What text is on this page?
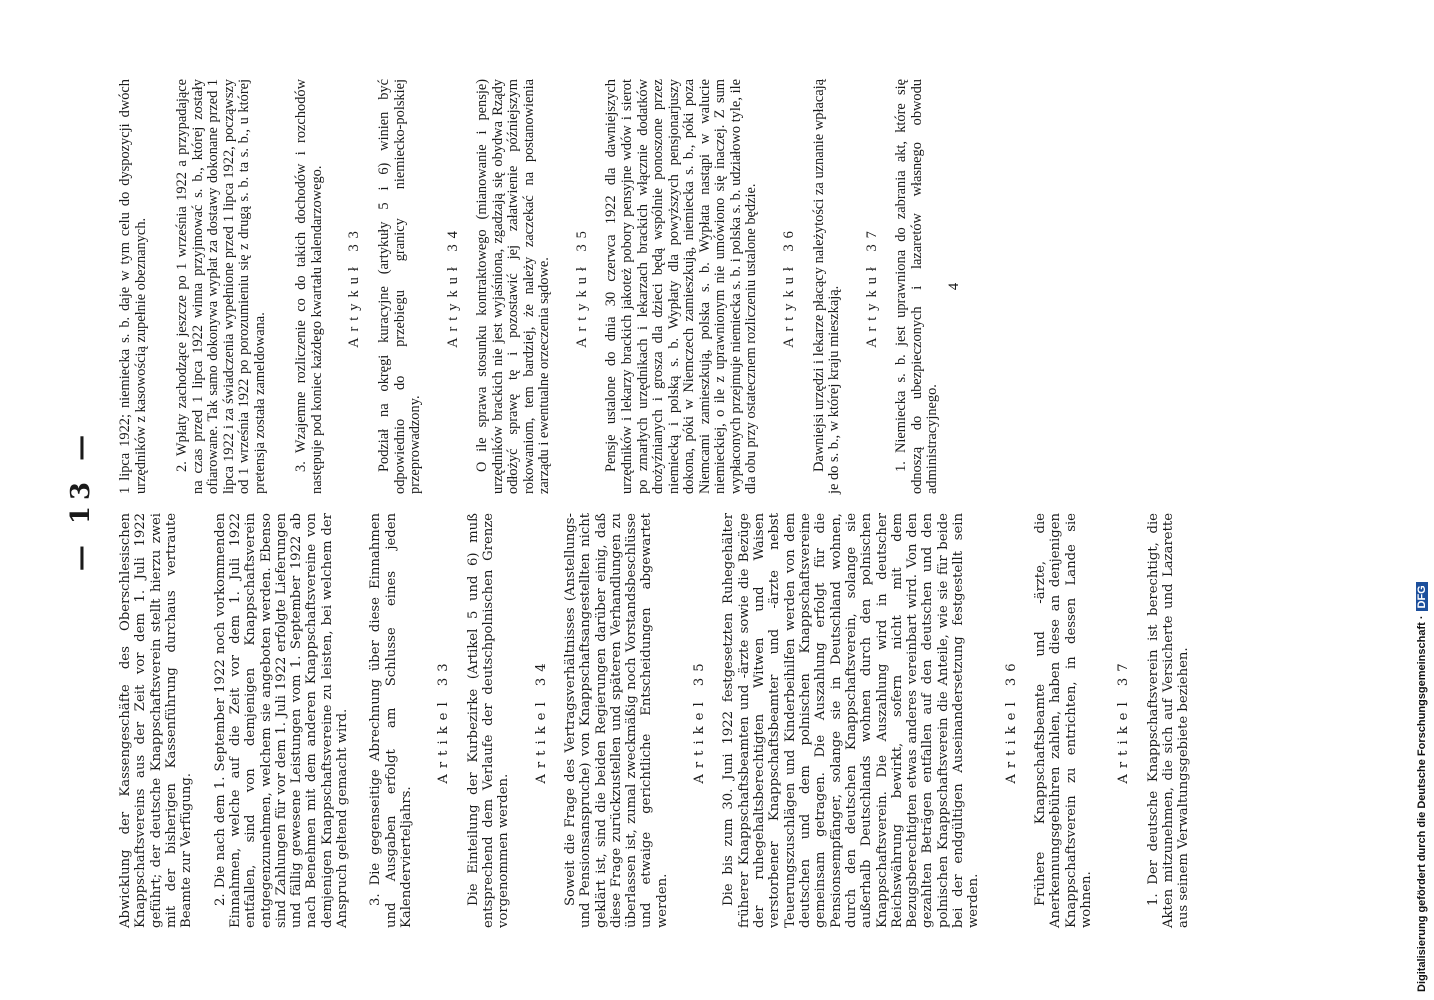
— 13 —

Abwicklung der Kassengeschäfte des Oberschlesischen Knappschaftsvereins aus der Zeit vor dem 1. Juli 1922 geführt; der deutsche Knappschaftsverein stellt hierzu zwei mit der bisherigen Kassenführung durchaus vertraute Beamte zur Verfügung. 2. Die nach dem 1. September 1922 noch vorkommenden Einnahmen, welche auf die Zeit vor dem 1. Juli 1922 entfallen, sind von demjenigen Knappschaftsverein entgegenzunehmen, welchem sie angeboten werden. Ebenso sind Zahlungen für vor dem 1. Juli 1922 erfolgte Lieferungen und fällig gewesene Leistungen vom 1. September 1922 ab nach Benehmen mit dem anderen Knappschaftsvereine von demjenigen Knappschaftsvereine zu leisten, bei welchem der Anspruch geltend gemacht wird. 3. Die gegenseitige Abrechnung über diese Einnahmen und Ausgaben erfolgt am Schlusse eines jeden Kalendervierteljahrs.

Artikel 33 Die Einteilung der Kurbezirke (Artikel 5 und 6) muß entsprechend dem Verlaufe der deutschpolnischen Grenze vorgenommen werden.

Artikel 34 Soweit die Frage des Vertragsverhältnisses (Anstellungs- und Pensionsanspruche) von Knappschaftsangestellten nicht geklärt ist, sind die beiden Regierungen darüber einig, daß diese Frage zurückzustellen und späteren Verhandlungen zu überlassen ist, zumal zweckmäßig noch Vorstandsbeschlüsse und etwaige gerichtliche Entscheidungen abgewartet werden.

Artikel 35 Die bis zum 30. Juni 1922 festgesetzten Ruhegehälter früherer Knappschaftsbeamten und -ärzte sowie die Bezüge der ruhegehaltsberechtigten Witwen und Waisen verstorbener Knappschaftsbeamter und -ärzte nebst Teuerungszuschlägen und Kinderbeihilfen werden von dem deutschen und dem polnischen Knappschaftsvereine gemeinsam getragen. Die Auszahlung erfolgt für die Pensionsempfänger, solange sie in Deutschland wohnen, durch den deutschen Knappschaftsverein, solange sie außerhalb Deutschlands wohnen durch den polnischen Knappschaftsverein. Die Auszahlung wird in deutscher Reichswährung bewirkt, sofern nicht mit dem Bezugsberechtigten etwas anderes vereinbart wird. Von den gezahlten Beträgen entfallen auf den deutschen und den polnischen Knappschaftsverein die Anteile, wie sie für beide bei der endgültigen Auseinandersetzung festgestellt sein werden.

Artikel 36 Frühere Knappschaftsbeamte und -ärzte, die Anerkennungsgebühren zahlen, haben diese an denjenigen Knappschaftsverein zu entrichten, in dessen Lande sie wohnen.

Artikel 37 1. Der deutsche Knappschaftsverein ist berechtigt, die Akten mitzunehmen, die sich auf Versicherte und Lazarette aus seinem Verwaltungsgebiete beziehen.

1 lipca 1922; niemiecka s. b. daje w tym celu do dyspozycji dwóch urzędników z kasowością zupełnie obeznanych. 2. Wpłaty zachodzące jeszcze po 1 września 1922 a przypadające na czas przed 1 lipca 1922 winna przyjmować s. b., której zostały ofiarowane. Tak samo dokonywa wypłat za dostawy dokonane przed 1 lipca 1922 i za świadczenia wypełnione przed 1 lipca 1922, począwszy od 1 września 1922 po porozumieniu się z drugą s. b. ta s. b., u której pretensja została zameldowana. 3. Wzajemne rozliczenie co do takich dochodów i rozchodów następuje pod koniec każdego kwartału kalendarzowego. Artykuł 33 Podział na okręgi kuracyjne (artykuły 5 i 6) winien być odpowiednio do przebiegu granicy niemiecko-polskiej przeprowadzony.

Artykuł 34 O ile sprawa stosunku kontraktowego (mianowanie i pensje) urzędników brackich nie jest wyjaśniona, zgadzają się obydwa Rządy odłożyć sprawę tę i pozostawić jej załatwienie późniejszym rokowaniom, tem bardziej, że należy zaczekać na postanowienia zarządu i ewentualne orzeczenia sądowe. Artykuł 35 Pensje ustalone do dnia 30 czerwca 1922 dla dawniejszych urzędników i lekarzy brackich jakoteż pobory pensyjne wdów i sierot po zmarłych urzędnikach i lekarzach brackich włącznie dodatków drożyźnianych i grosza dla dzieci będą wspólnie ponoszone przez niemiecką i polską s. b. Wypłaty dla powyższych pensjonarjuszy dokona, póki w Niemczech zamieszkują, niemiecka s. b., póki poza Niemcami zamieszkują, polska s. b. Wypłata nastąpi w walucie niemieckiej, o ile z uprawnionym nie umówiono się inaczej. Z sum wypłaconych przejmuje niemiecka s. b. i polska s. b. udziałowo tyle, ile dla obu przy ostatecznem rozliczeniu ustalone będzie. Artykuł 36 Dawniejsi urzędzi i lekarze płacący należytości za uznanie wpłacają je do s. b., w której kraju mieszkają. Artykuł 37 1. Niemiecka s. b. jest uprawniona do zabrania akt, które się odnoszą do ubezpieczonych i lazaretów własnego obwodu administracyjnego.

4
Digitalisierung gefördert durch die Deutsche Forschungsgemeinschaft ·DFG
